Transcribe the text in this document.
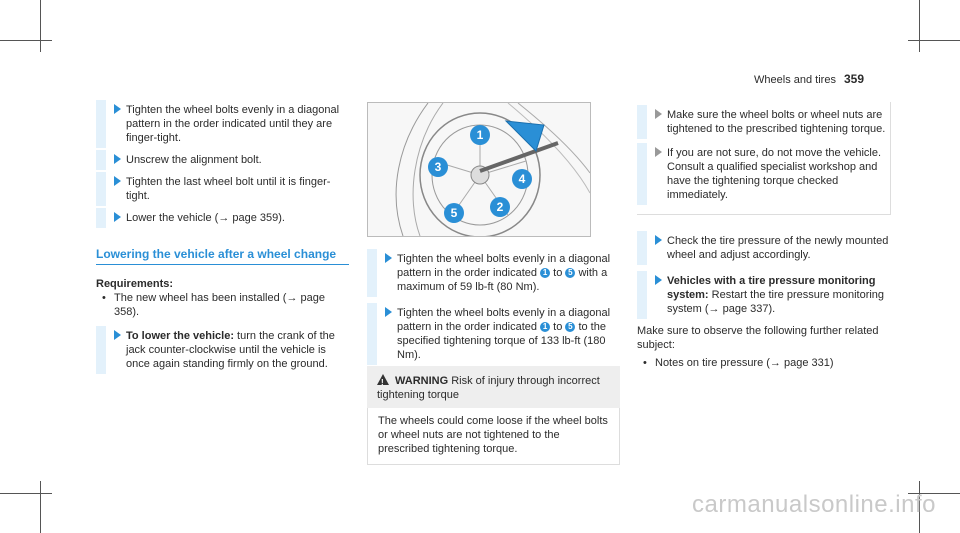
Wheels and tires 359
Tighten the wheel bolts evenly in a diagonal pattern in the order indicated until they are finger-tight.
Unscrew the alignment bolt.
Tighten the last wheel bolt until it is finger-tight.
Lower the vehicle (→ page 359).
Lowering the vehicle after a wheel change
Requirements:
• The new wheel has been installed (→ page 358).
To lower the vehicle: turn the crank of the jack counter-clockwise until the vehicle is once again standing firmly on the ground.
1
2
3
4
5
Tighten the wheel bolts evenly in a diagonal pattern in the order indicated 1 to 5 with a maximum of 59 lb-ft (80 Nm).
Tighten the wheel bolts evenly in a diagonal pattern in the order indicated 1 to 5 to the specified tightening torque of 133 lb-ft (180 Nm).
! WARNING Risk of injury through incorrect tightening torque
The wheels could come loose if the wheel bolts or wheel nuts are not tightened to the prescribed tightening torque.
Make sure the wheel bolts or wheel nuts are tightened to the prescribed tightening torque.
If you are not sure, do not move the vehicle. Consult a qualified specialist workshop and have the tightening torque checked immediately.
Check the tire pressure of the newly mounted wheel and adjust accordingly.
Vehicles with a tire pressure monitoring system: Restart the tire pressure monitoring system (→ page 337).
Make sure to observe the following further related subject:
• Notes on tire pressure (→ page 331)
carmanualsonline.info
